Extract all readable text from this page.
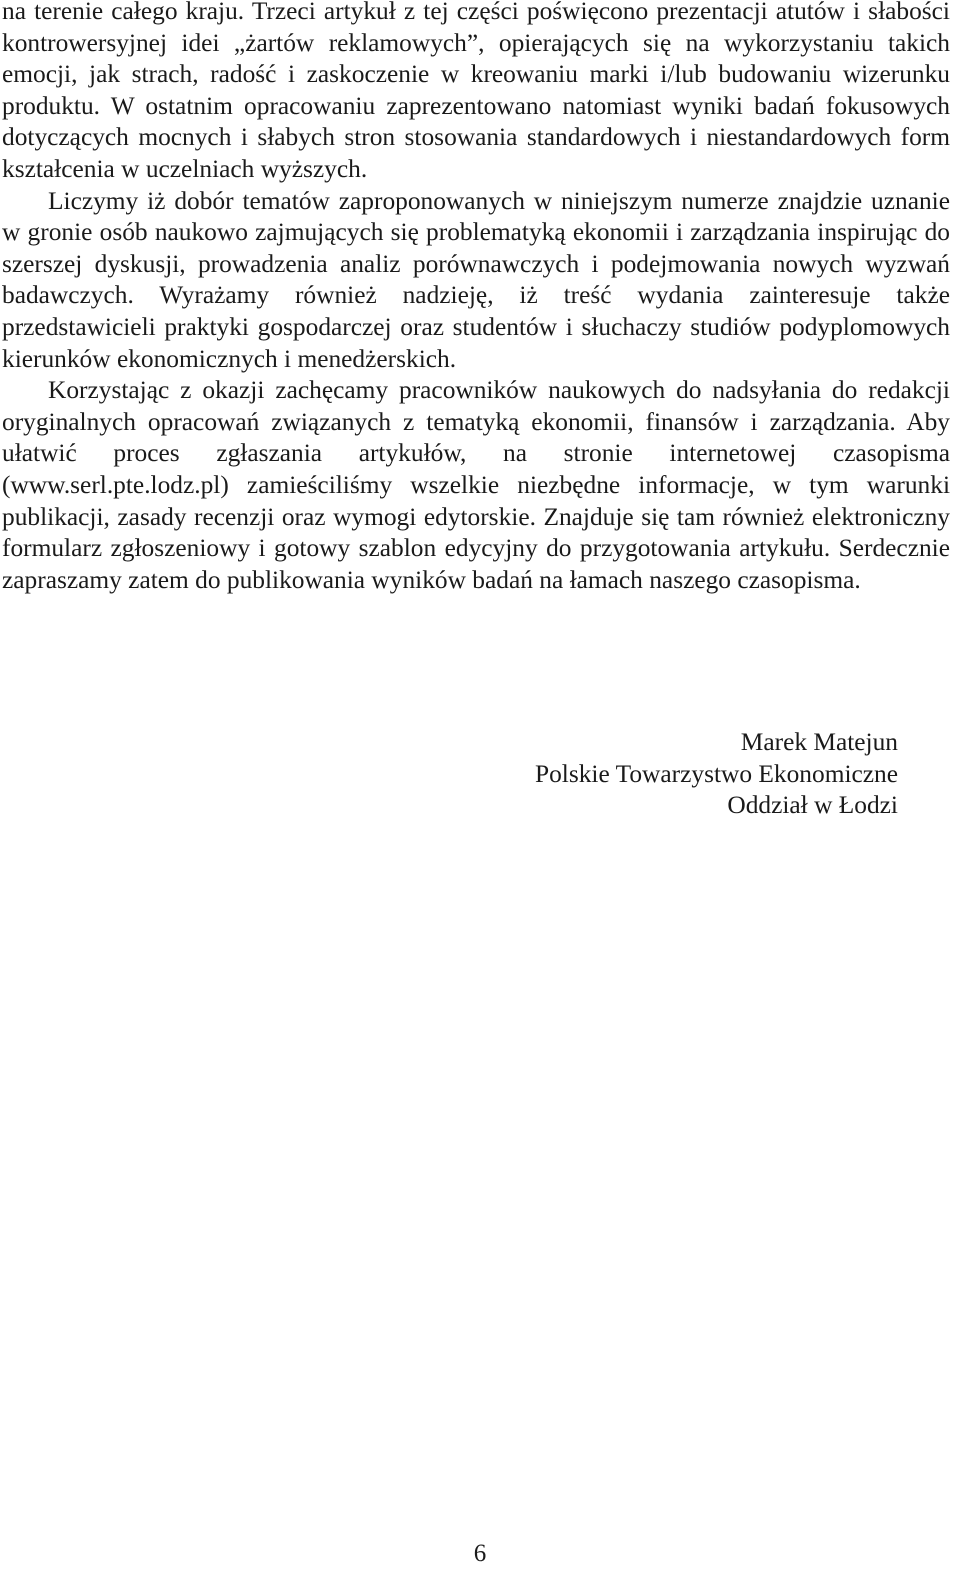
na terenie całego kraju. Trzeci artykuł z tej części poświęcono prezentacji atutów i słabości kontrowersyjnej idei „żartów reklamowych”, opierających się na wykorzystaniu takich emocji, jak strach, radość i zaskoczenie w kreowaniu marki i/lub budowaniu wizerunku produktu. W ostatnim opracowaniu zaprezentowano natomiast wyniki badań fokusowych dotyczących mocnych i słabych stron stosowania standardowych i niestandardowych form kształcenia w uczelniach wyższych.

Liczymy iż dobór tematów zaproponowanych w niniejszym numerze znajdzie uznanie w gronie osób naukowo zajmujących się problematyką ekonomii i zarządzania inspirując do szerszej dyskusji, prowadzenia analiz porównawczych i podejmowania nowych wyzwań badawczych. Wyrażamy również nadzieję, iż treść wydania zainteresuje także przedstawicieli praktyki gospodarczej oraz studentów i słuchaczy studiów podyplomowych kierunków ekonomicznych i menedżerskich.

Korzystając z okazji zachęcamy pracowników naukowych do nadsyłania do redakcji oryginalnych opracowań związanych z tematyką ekonomii, finansów i zarządzania. Aby ułatwić proces zgłaszania artykułów, na stronie internetowej czasopisma (www.serl.pte.lodz.pl) zamieściliśmy wszelkie niezbędne informacje, w tym warunki publikacji, zasady recenzji oraz wymogi edytorskie. Znajduje się tam również elektroniczny formularz zgłoszeniowy i gotowy szablon edycyjny do przygotowania artykułu. Serdecznie zapraszamy zatem do publikowania wyników badań na łamach naszego czasopisma.

Marek Matejun
Polskie Towarzystwo Ekonomiczne
Oddział w Łodzi
6
